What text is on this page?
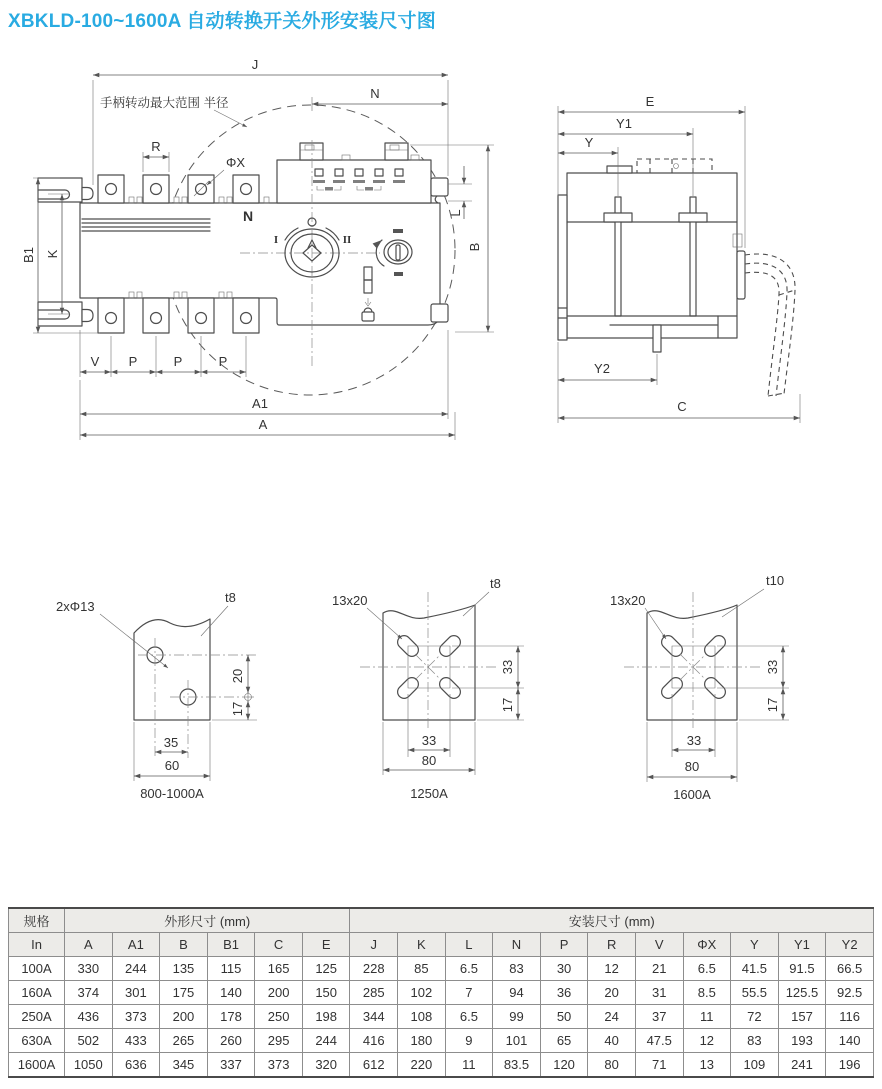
XBKLD-100~1600A 自动转换开关外形安装尺寸图
N
I	II
J
N
手柄转动最大范围 半径
R
ΦX
B1 K
L
B
V P	P	P
A1
A
E
Y1
Y
Y2
C
2xΦ13
t8
20
17
35
60
800-1000A
13x20
t8
33
17
33
80
1250A
13x20
t10
33
17
33
80
1600A
规格	外形尺寸 (mm)						安装尺寸 (mm)										
In	A	A1	B	B1	C	E	J	K	L	N	P	R	V	ΦX	Y	Y1	Y2
100A	330	244	135	115	165	125	228	85	6.5	83	30	12	21	6.5	41.5	91.5	66.5
160A	374	301	175	140	200	150	285	102	7	94	36	20	31	8.5	55.5	125.5	92.5
250A	436	373	200	178	250	198	344	108	6.5	99	50	24	37	11	72	157	116
630A	502	433	265	260	295	244	416	180	9	101	65	40	47.5	12	83	193	140
1600A	1050	636	345	337	373	320	612	220	11	83.5	120	80	71	13	109	241	196
